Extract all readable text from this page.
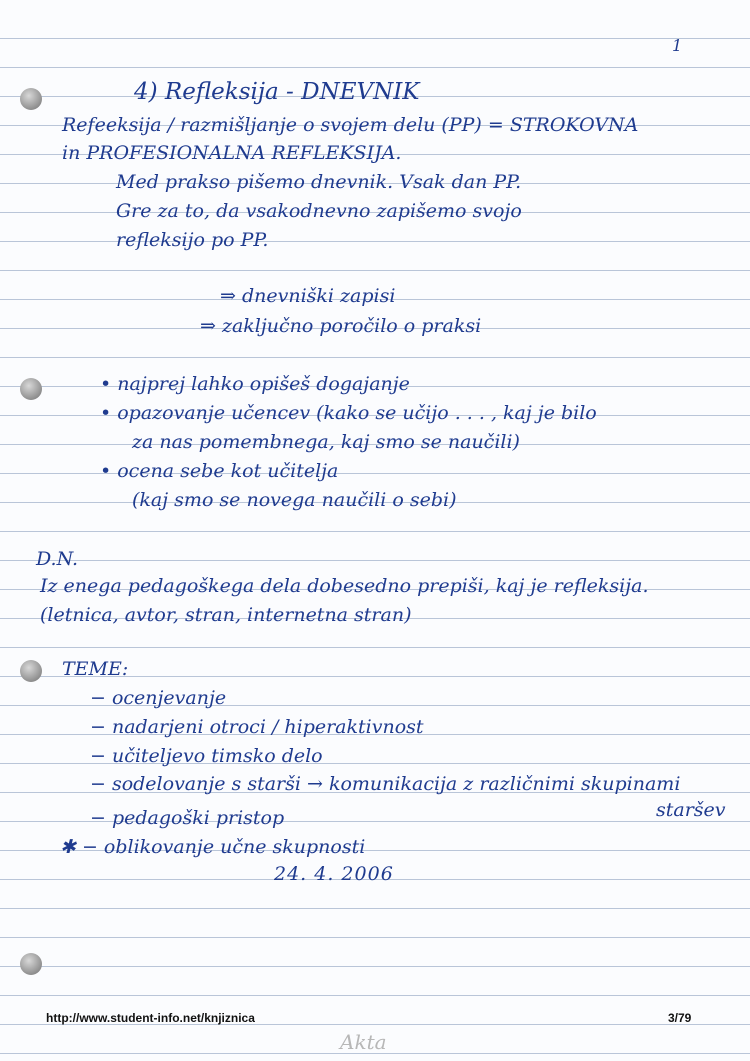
1

4) Refleksija - DNEVNIK

Refeeksija / razmišljanje o svojem delu (PP) = STROKOVNA

in PROFESIONALNA REFLEKSIJA.

Med prakso pišemo dnevnik. Vsak dan PP.

Gre za to, da vsakodnevno zapišemo svojo

refleksijo po PP.

⇒ dnevniški zapisi

⇒ zaključno poročilo o praksi

• najprej lahko opišeš dogajanje

• opazovanje učencev (kako se učijo . . . , kaj je bilo

za nas pomembnega, kaj smo se naučili)

• ocena sebe kot učitelja

(kaj smo se novega naučili o sebi)

D.N.

Iz enega pedagoškega dela dobesedno prepiši, kaj je refleksija.

(letnica, avtor, stran, internetna stran)

TEME:

− ocenjevanje

− nadarjeni otroci / hiperaktivnost

− učiteljevo timsko delo

− sodelovanje s starši → komunikacija z različnimi skupinami

staršev

− pedagoški pristop

✱ − oblikovanje učne skupnosti

24. 4. 2006

http://www.student-info.net/knjiznica	3/79
Akta
